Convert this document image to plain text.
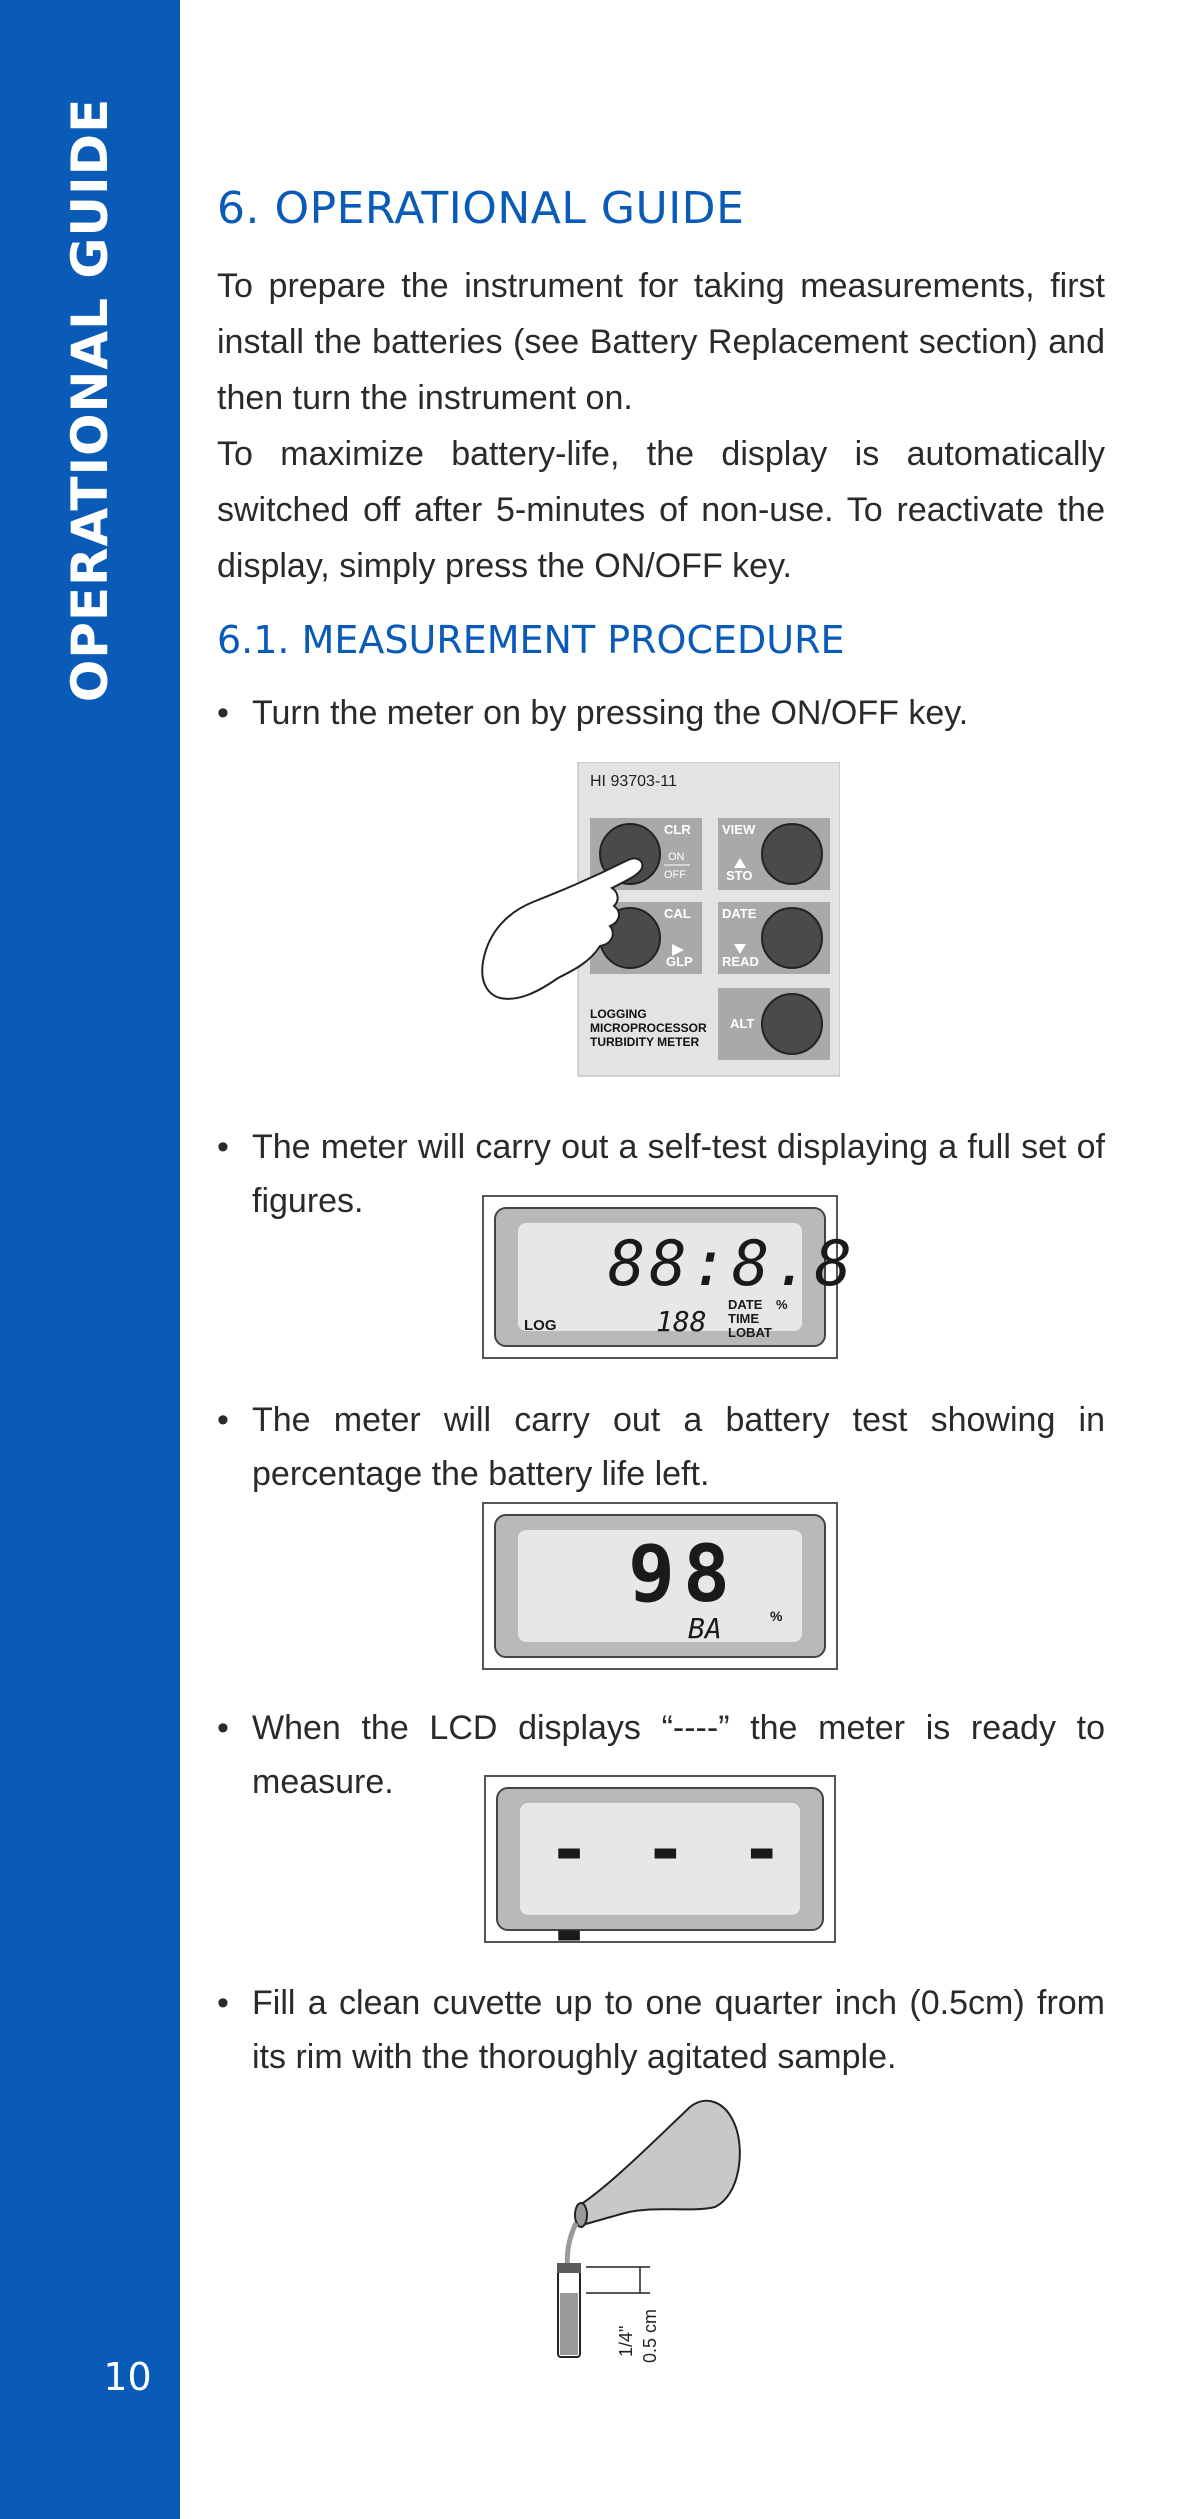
OPERATIONAL GUIDE
10
6. OPERATIONAL GUIDE
To prepare the instrument for taking measurements, first install the batteries (see Battery Replacement section) and then turn the instrument on.
To maximize battery-life, the display is automatically switched off after 5-minutes of non-use. To reactivate the display, simply press the ON/OFF key.
6.1. MEASUREMENT PROCEDURE
• Turn the meter on by pressing the ON/OFF key.
• The meter will carry out a self-test displaying a full set of figures.
• The meter will carry out a battery test showing in percentage the battery life left.
• When the LCD displays “----” the meter is ready to measure.
• Fill a clean cuvette up to one quarter inch (0.5cm) from its rim with the thoroughly agitated sample.
HI 93703-11
CLR
ON
OFF
VIEW
STO
CAL
GLP
DATE
READ
ALT
LOGGING
MICROPROCESSOR
TURBIDITY METER
88:8.8
LOG	188
DATE %
TIME
LOBAT
98
BA	%
- - - -
1/4" 0.5 cm
